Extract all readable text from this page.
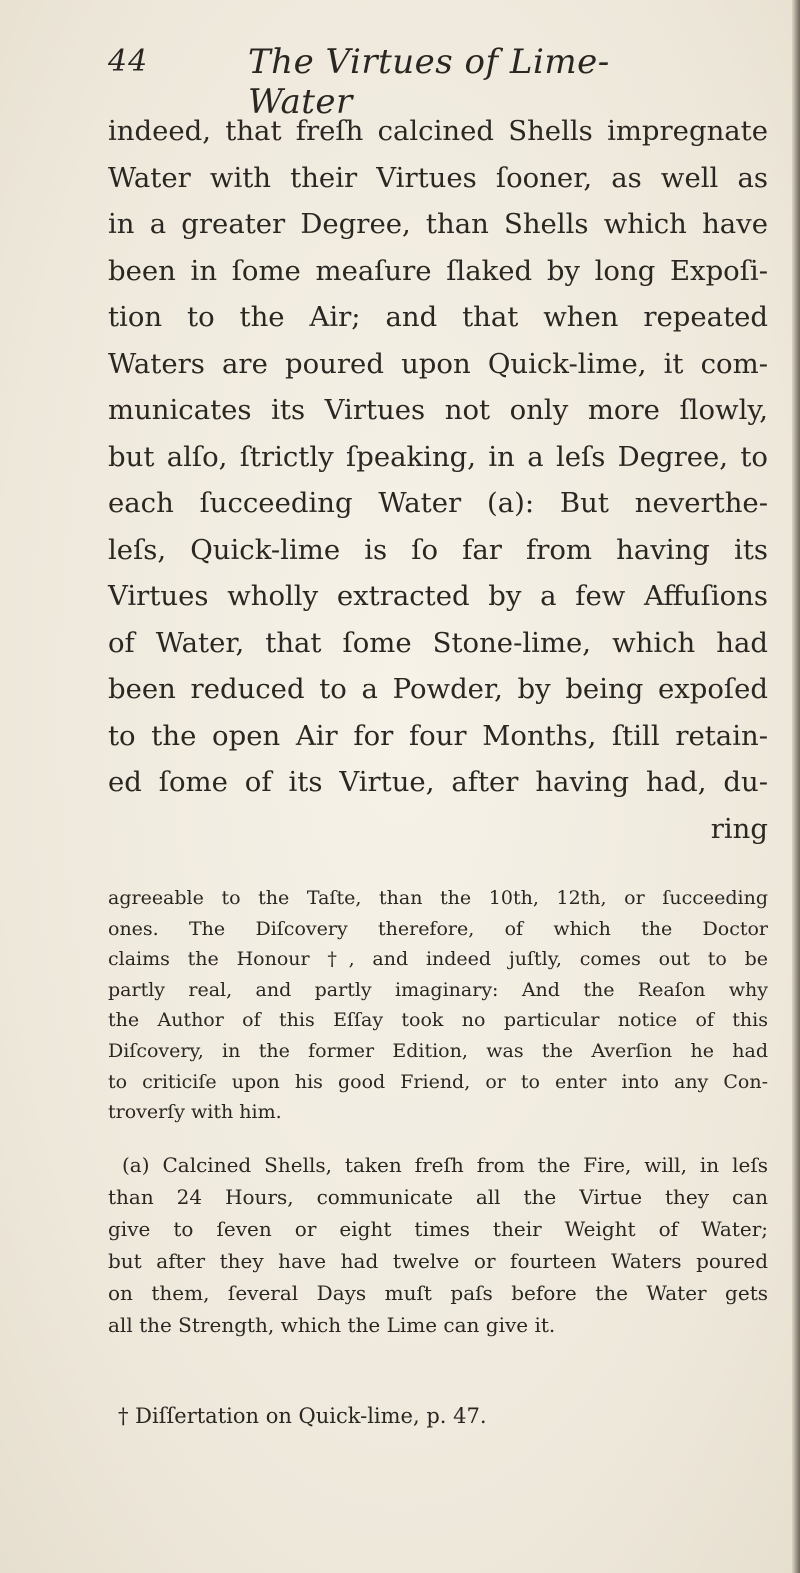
44	The Virtues of Lime-Water
indeed, that freſh calcined Shells impregnate
Water with their Virtues ſooner, as well as
in a greater Degree, than Shells which have
been in ſome meaſure ſlaked by long Expoſi-
tion to the Air; and that when repeated
Waters are poured upon Quick-lime, it com-
municates its Virtues not only more ſlowly,
but alſo, ſtrictly ſpeaking, in a leſs Degree, to
each ſucceeding Water (a): But neverthe-
leſs, Quick-lime is ſo far from having its
Virtues wholly extracted by a few Affuſions
of Water, that ſome Stone-lime, which had
been reduced to a Powder, by being expoſed
to the open Air for four Months, ſtill retain-
ed ſome of its Virtue, after having had, du-
ring
agreeable to the Taſte, than the 10th, 12th, or ſucceeding
ones. The Diſcovery therefore, of which the Doctor
claims the Honour †, and indeed juſtly, comes out to be
partly real, and partly imaginary: And the Reaſon why
the Author of this Eſſay took no particular notice of this
Diſcovery, in the former Edition, was the Averſion he had
to criticiſe upon his good Friend, or to enter into any Con-
troverſy with him.
(a) Calcined Shells, taken freſh from the Fire, will, in leſs
than 24 Hours, communicate all the Virtue they can
give to ſeven or eight times their Weight of Water;
but after they have had twelve or fourteen Waters poured
on them, ſeveral Days muſt paſs before the Water gets
all the Strength, which the Lime can give it.
† Diſſertation on Quick-lime, p. 47.
